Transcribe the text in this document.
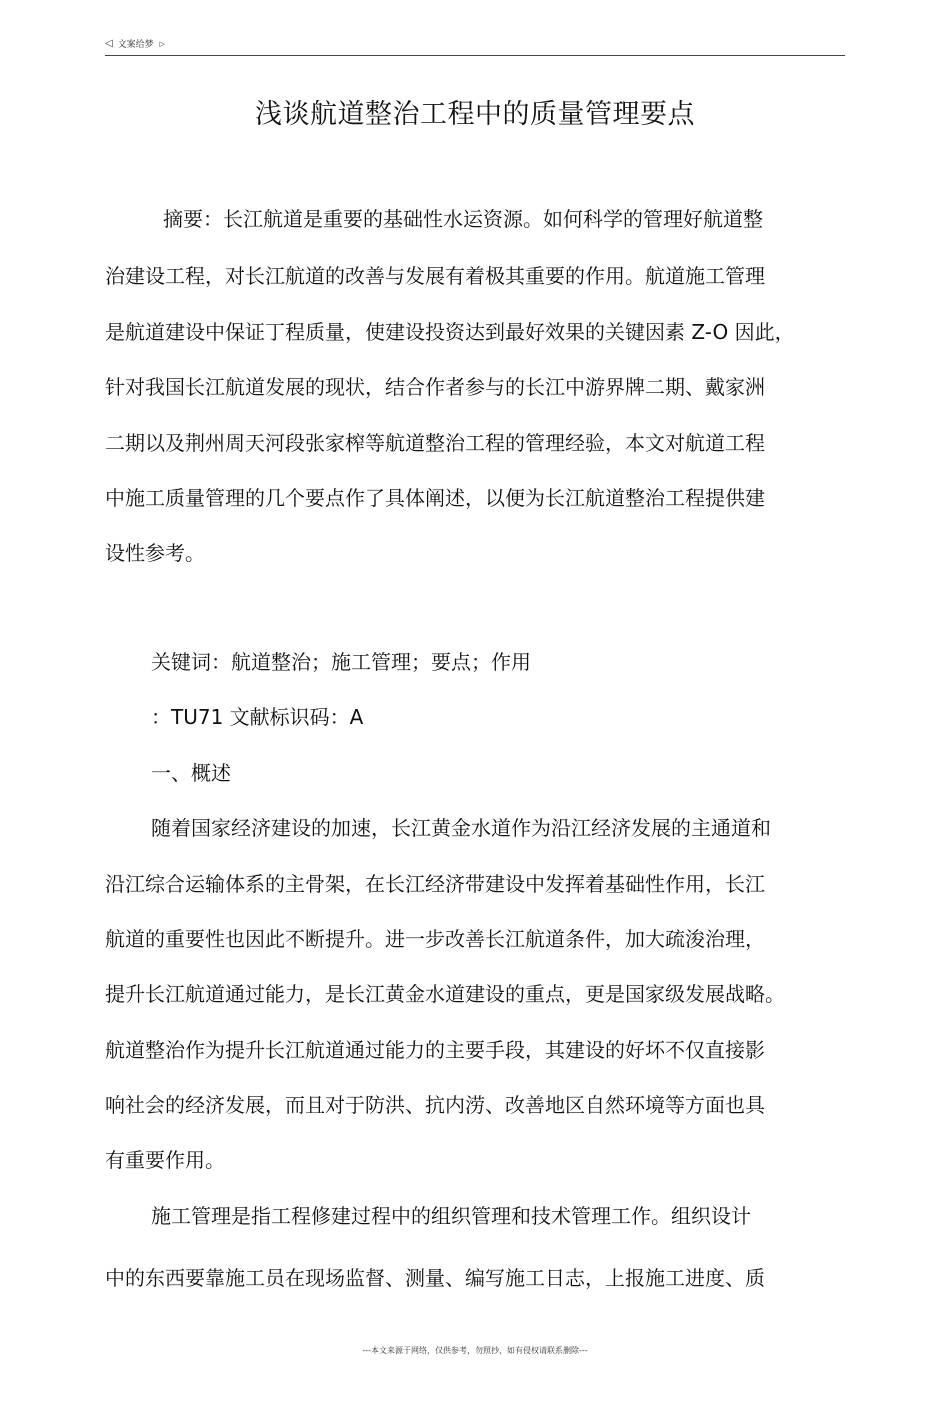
◁ 文案给梦 ▷
浅谈航道整治工程中的质量管理要点
摘要：长江航道是重要的基础性水运资源。如何科学的管理好航道整
治建设工程，对长江航道的改善与发展有着极其重要的作用。航道施工管理
是航道建设中保证丁程质量，使建设投资达到最好效果的关键因素 Z-O 因此，
针对我国长江航道发展的现状，结合作者参与的长江中游界牌二期、戴家洲
二期以及荆州周天河段张家榨等航道整治工程的管理经验，本文对航道工程
中施工质量管理的几个要点作了具体阐述，以便为长江航道整治工程提供建
设性参考。
关键词：航道整治；施工管理；要点；作用
：TU71 文献标识码：A
一、概述
随着国家经济建设的加速，长江黄金水道作为沿江经济发展的主通道和
沿江综合运输体系的主骨架，在长江经济带建设中发挥着基础性作用，长江
航道的重要性也因此不断提升。进一步改善长江航道条件，加大疏浚治理，
提升长江航道通过能力，是长江黄金水道建设的重点，更是国家级发展战略。
航道整治作为提升长江航道通过能力的主要手段，其建设的好坏不仅直接影
响社会的经济发展，而且对于防洪、抗内涝、改善地区自然环境等方面也具
有重要作用。
施工管理是指工程修建过程中的组织管理和技术管理工作。组织设计
中的东西要靠施工员在现场监督、测量、编写施工日志，上报施工进度、质
---本文来源于网络，仅供参考，勿照抄，如有侵权请联系删除---
